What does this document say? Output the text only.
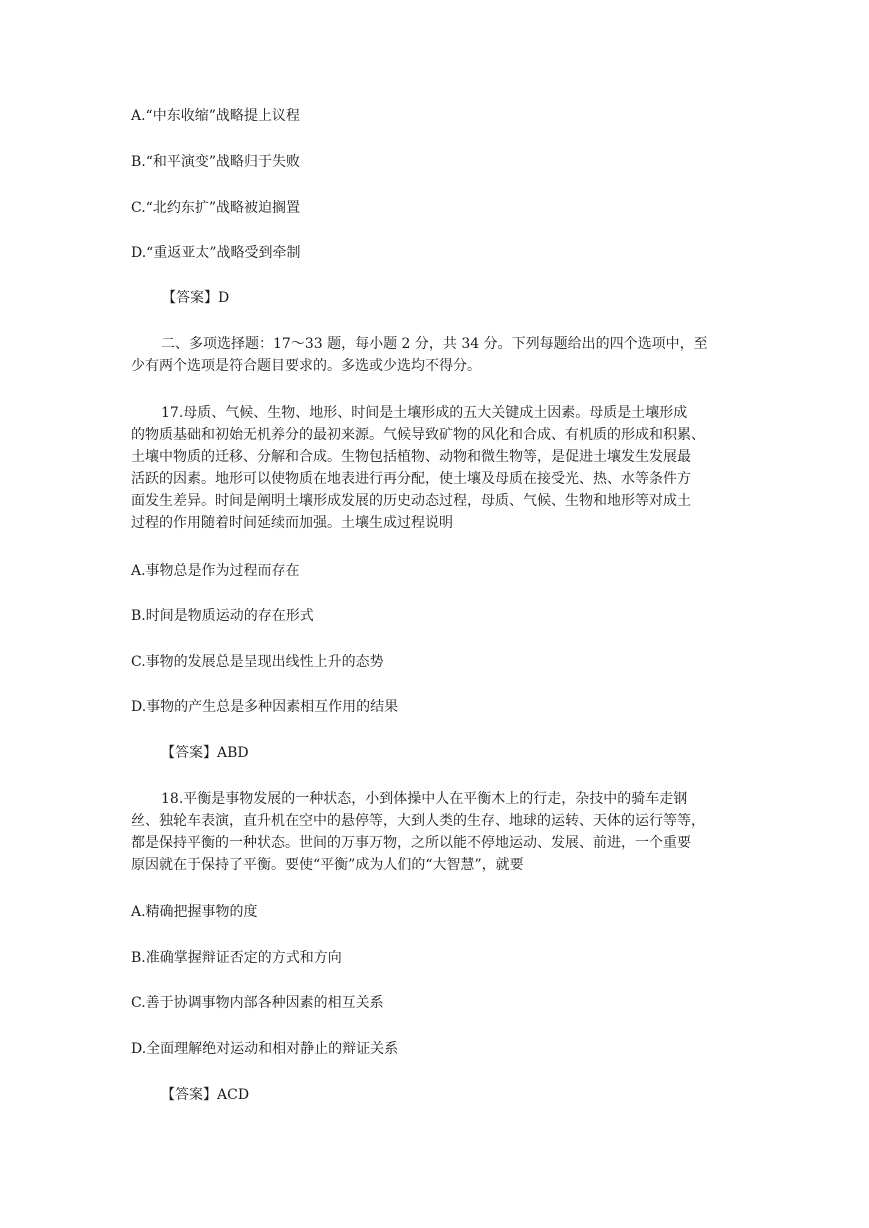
A.“中东收缩”战略提上议程
B.“和平演变”战略归于失败
C.“北约东扩”战略被迫搁置
D.“重返亚太”战略受到牵制
【答案】D

二、多项选择题：17～33 题，每小题 2 分，共 34 分。下列每题给出的四个选项中，至

少有两个选项是符合题目要求的。多选或少选均不得分。

17.母质、气候、生物、地形、时间是土壤形成的五大关键成土因素。母质是土壤形成

的物质基础和初始无机养分的最初来源。气候导致矿物的风化和合成、有机质的形成和积累、

土壤中物质的迁移、分解和合成。生物包括植物、动物和微生物等，是促进土壤发生发展最

活跃的因素。地形可以使物质在地表进行再分配，使土壤及母质在接受光、热、水等条件方

面发生差异。时间是阐明土壤形成发展的历史动态过程，母质、气候、生物和地形等对成土

过程的作用随着时间延续而加强。土壤生成过程说明

A.事物总是作为过程而存在
B.时间是物质运动的存在形式
C.事物的发展总是呈现出线性上升的态势
D.事物的产生总是多种因素相互作用的结果
【答案】ABD

18.平衡是事物发展的一种状态，小到体操中人在平衡木上的行走，杂技中的骑车走钢

丝、独轮车表演，直升机在空中的悬停等，大到人类的生存、地球的运转、天体的运行等等，

都是保持平衡的一种状态。世间的万事万物，之所以能不停地运动、发展、前进，一个重要

原因就在于保持了平衡。要使“平衡”成为人们的“大智慧”，就要

A.精确把握事物的度
B.准确掌握辩证否定的方式和方向
C.善于协调事物内部各种因素的相互关系
D.全面理解绝对运动和相对静止的辩证关系
【答案】ACD
